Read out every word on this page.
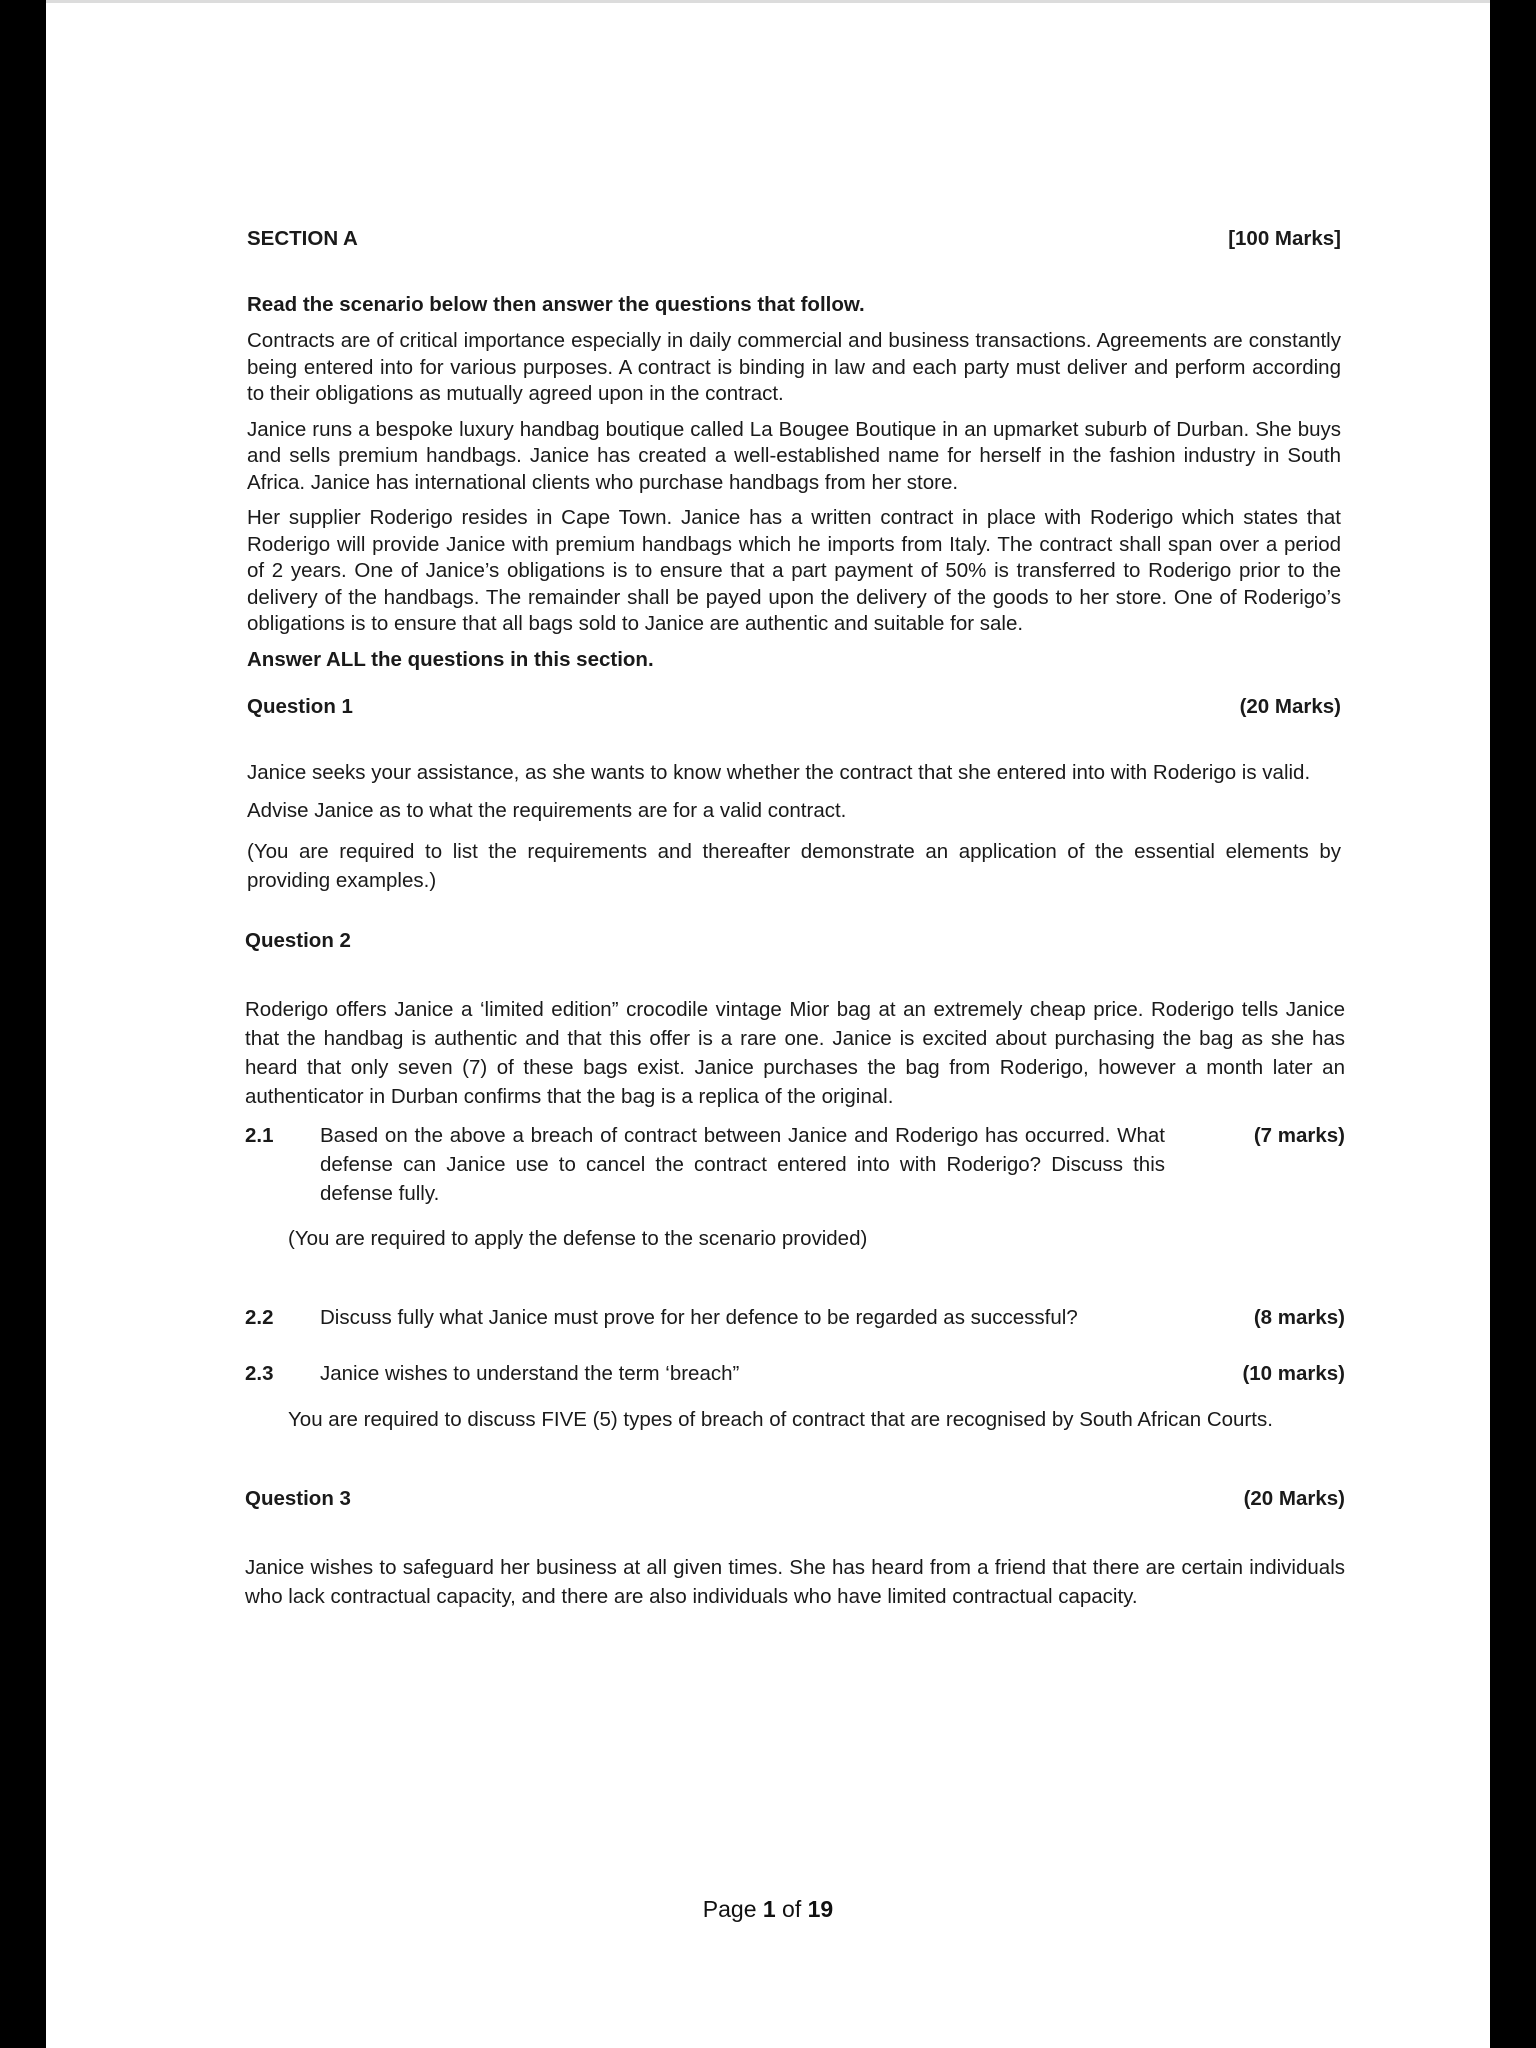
SECTION A	[100 Marks]

Read the scenario below then answer the questions that follow.

Contracts are of critical importance especially in daily commercial and business transactions. Agreements are constantly being entered into for various purposes. A contract is binding in law and each party must deliver and perform according to their obligations as mutually agreed upon in the contract.

Janice runs a bespoke luxury handbag boutique called La Bougee Boutique in an upmarket suburb of Durban. She buys and sells premium handbags. Janice has created a well-established name for herself in the fashion industry in South Africa. Janice has international clients who purchase handbags from her store.

Her supplier Roderigo resides in Cape Town. Janice has a written contract in place with Roderigo which states that Roderigo will provide Janice with premium handbags which he imports from Italy. The contract shall span over a period of 2 years. One of Janice’s obligations is to ensure that a part payment of 50% is transferred to Roderigo prior to the delivery of the handbags. The remainder shall be payed upon the delivery of the goods to her store. One of Roderigo’s obligations is to ensure that all bags sold to Janice are authentic and suitable for sale.

Answer ALL the questions in this section.

Question 1	(20 Marks)

Janice seeks your assistance, as she wants to know whether the contract that she entered into with Roderigo is valid.

Advise Janice as to what the requirements are for a valid contract.

(You are required to list the requirements and thereafter demonstrate an application of the essential elements by providing examples.)

Question 2

Roderigo offers Janice a ‘limited edition” crocodile vintage Mior bag at an extremely cheap price. Roderigo tells Janice that the handbag is authentic and that this offer is a rare one. Janice is excited about purchasing the bag as she has heard that only seven (7) of these bags exist. Janice purchases the bag from Roderigo, however a month later an authenticator in Durban confirms that the bag is a replica of the original.

2.1	Based on the above a breach of contract between Janice and Roderigo has occurred. What defense can Janice use to cancel the contract entered into with Roderigo? Discuss this defense fully.
(7 marks)

(You are required to apply the defense to the scenario provided)

2.2	Discuss fully what Janice must prove for her defence to be regarded as successful?	(8 marks)
2.3	Janice wishes to understand the term ‘breach”	(10 marks)

You are required to discuss FIVE (5) types of breach of contract that are recognised by South African Courts.

Question 3	(20 Marks)

Janice wishes to safeguard her business at all given times. She has heard from a friend that there are certain individuals who lack contractual capacity, and there are also individuals who have limited contractual capacity.

Page 1 of 19
